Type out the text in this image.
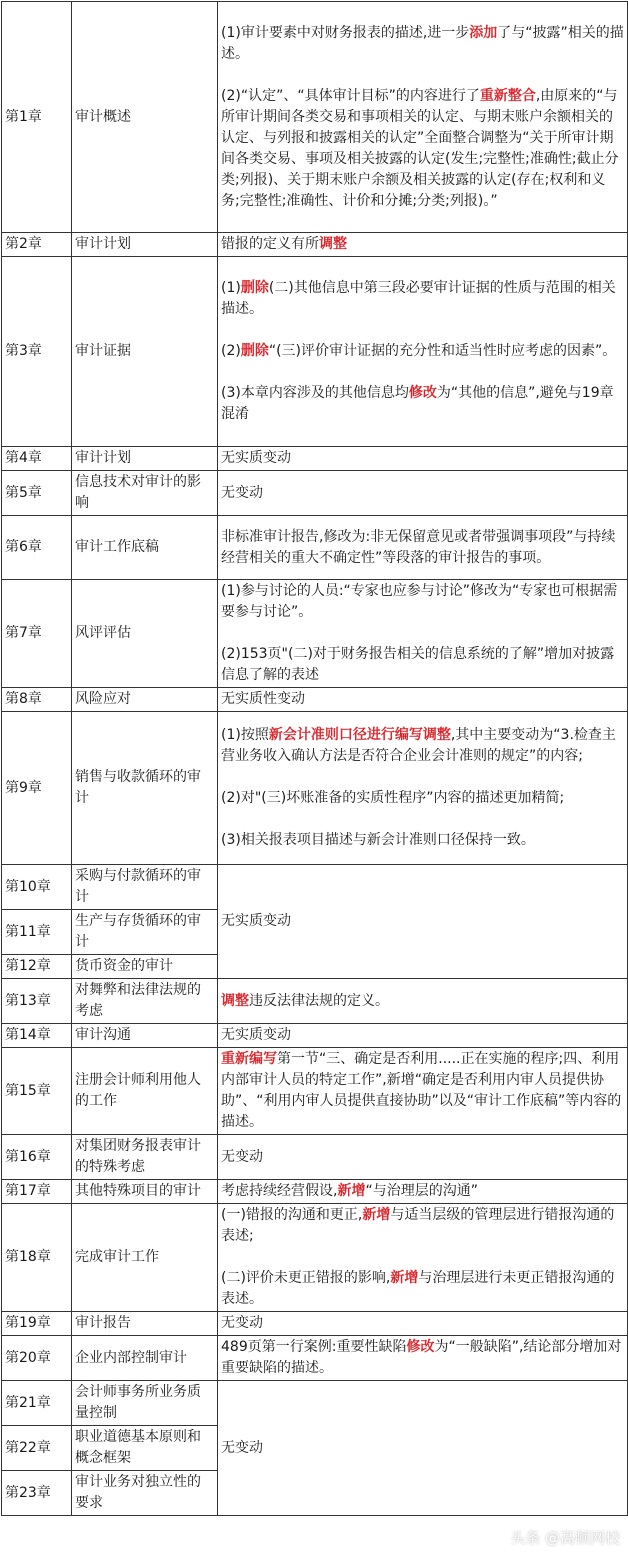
第1章	审计概述	(1)审计要素中对财务报表的描述,进一步添加了与“披露”相关的描述。
(2)“认定”、“具体审计目标”的内容进行了重新整合,由原来的“与所审计期间各类交易和事项相关的认定、与期末账户余额相关的认定、与列报和披露相关的认定”全面整合调整为“关于所审计期间各类交易、事项及相关披露的认定(发生;完整性;准确性;截止分类;列报)、关于期末账户余额及相关披露的认定(存在;权利和义务;完整性;准确性、计价和分摊;分类;列报)。”

第2章	审计计划	错报的定义有所调整

第3章	审计证据	(1)删除(二)其他信息中第三段必要审计证据的性质与范围的相关描述。
(2)删除“(三)评价审计证据的充分性和适当性时应考虑的因素”。
(3)本章内容涉及的其他信息均修改为“其他的信息”,避免与19章混淆

第4章	审计计划	无实质变动

第5章	信息技术对审计的影响	无变动

第6章	审计工作底稿	非标准审计报告,修改为:非无保留意见或者带强调事项段”与持续经营相关的重大不确定性”等段落的审计报告的事项。

第7章	风评评估	(1)参与讨论的人员:“专家也应参与讨论”修改为“专家也可根据需要参与讨论”。
(2)153页"(二)对于财务报告相关的信息系统的了解”增加对披露信息了解的表述

第8章	风险应对	无实质性变动

第9章	销售与收款循环的审计	(1)按照新会计准则口径进行编写调整,其中主要变动为“3.检查主营业务收入确认方法是否符合企业会计准则的规定”的内容;
(2)对"(三)坏账准备的实质性程序”内容的描述更加精简;
(3)相关报表项目描述与新会计准则口径保持一致。

第10章	采购与付款循环的审计	无实质变动
第11章	生产与存货循环的审计	
第12章	货币资金的审计	
第13章	对舞弊和法律法规的考虑	调整违反法律法规的定义。

第14章	审计沟通	无实质变动

第15章	注册会计师利用他人的工作	重新编写第一节“三、确定是否利用.....正在实施的程序;四、利用内部审计人员的特定工作”,新增“确定是否利用内审人员提供协助”、“利用内审人员提供直接协助”以及“审计工作底稿”等内容的描述。

第16章	对集团财务报表审计的特殊考虑	无变动

第17章	其他特殊项目的审计	考虑持续经营假设,新增“与治理层的沟通”

第18章	完成审计工作	(一)错报的沟通和更正,新增与适当层级的管理层进行错报沟通的表述;
(二)评价未更正错报的影响,新增与治理层进行未更正错报沟通的表述。

第19章	审计报告	无变动

第20章	企业内部控制审计	489页第一行案例:重要性缺陷修改为“一般缺陷”,结论部分增加对重要缺陷的描述。

第21章	会计师事务所业务质量控制	无变动
第22章	职业道德基本原则和概念框架	
第23章	审计业务对独立性的要求	
头条 @高顿网校
